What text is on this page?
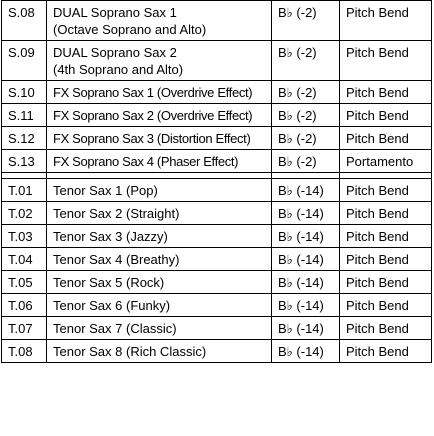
S.08	DUAL Soprano Sax 1
(Octave Soprano and Alto)	B♭ (-2)	Pitch Bend
S.09	DUAL Soprano Sax 2
(4th Soprano and Alto)	B♭ (-2)	Pitch Bend
S.10	FX Soprano Sax 1 (Overdrive Effect)	B♭ (-2)	Pitch Bend
S.11	FX Soprano Sax 2 (Overdrive Effect)	B♭ (-2)	Pitch Bend
S.12	FX Soprano Sax 3 (Distortion Effect)	B♭ (-2)	Pitch Bend
S.13	FX Soprano Sax 4 (Phaser Effect)	B♭ (-2)	Portamento

T.01	Tenor Sax 1 (Pop)	B♭ (-14)	Pitch Bend
T.02	Tenor Sax 2 (Straight)	B♭ (-14)	Pitch Bend
T.03	Tenor Sax 3 (Jazzy)	B♭ (-14)	Pitch Bend
T.04	Tenor Sax 4 (Breathy)	B♭ (-14)	Pitch Bend
T.05	Tenor Sax 5 (Rock)	B♭ (-14)	Pitch Bend
T.06	Tenor Sax 6 (Funky)	B♭ (-14)	Pitch Bend
T.07	Tenor Sax 7 (Classic)	B♭ (-14)	Pitch Bend
T.08	Tenor Sax 8 (Rich Classic)	B♭ (-14)	Pitch Bend
